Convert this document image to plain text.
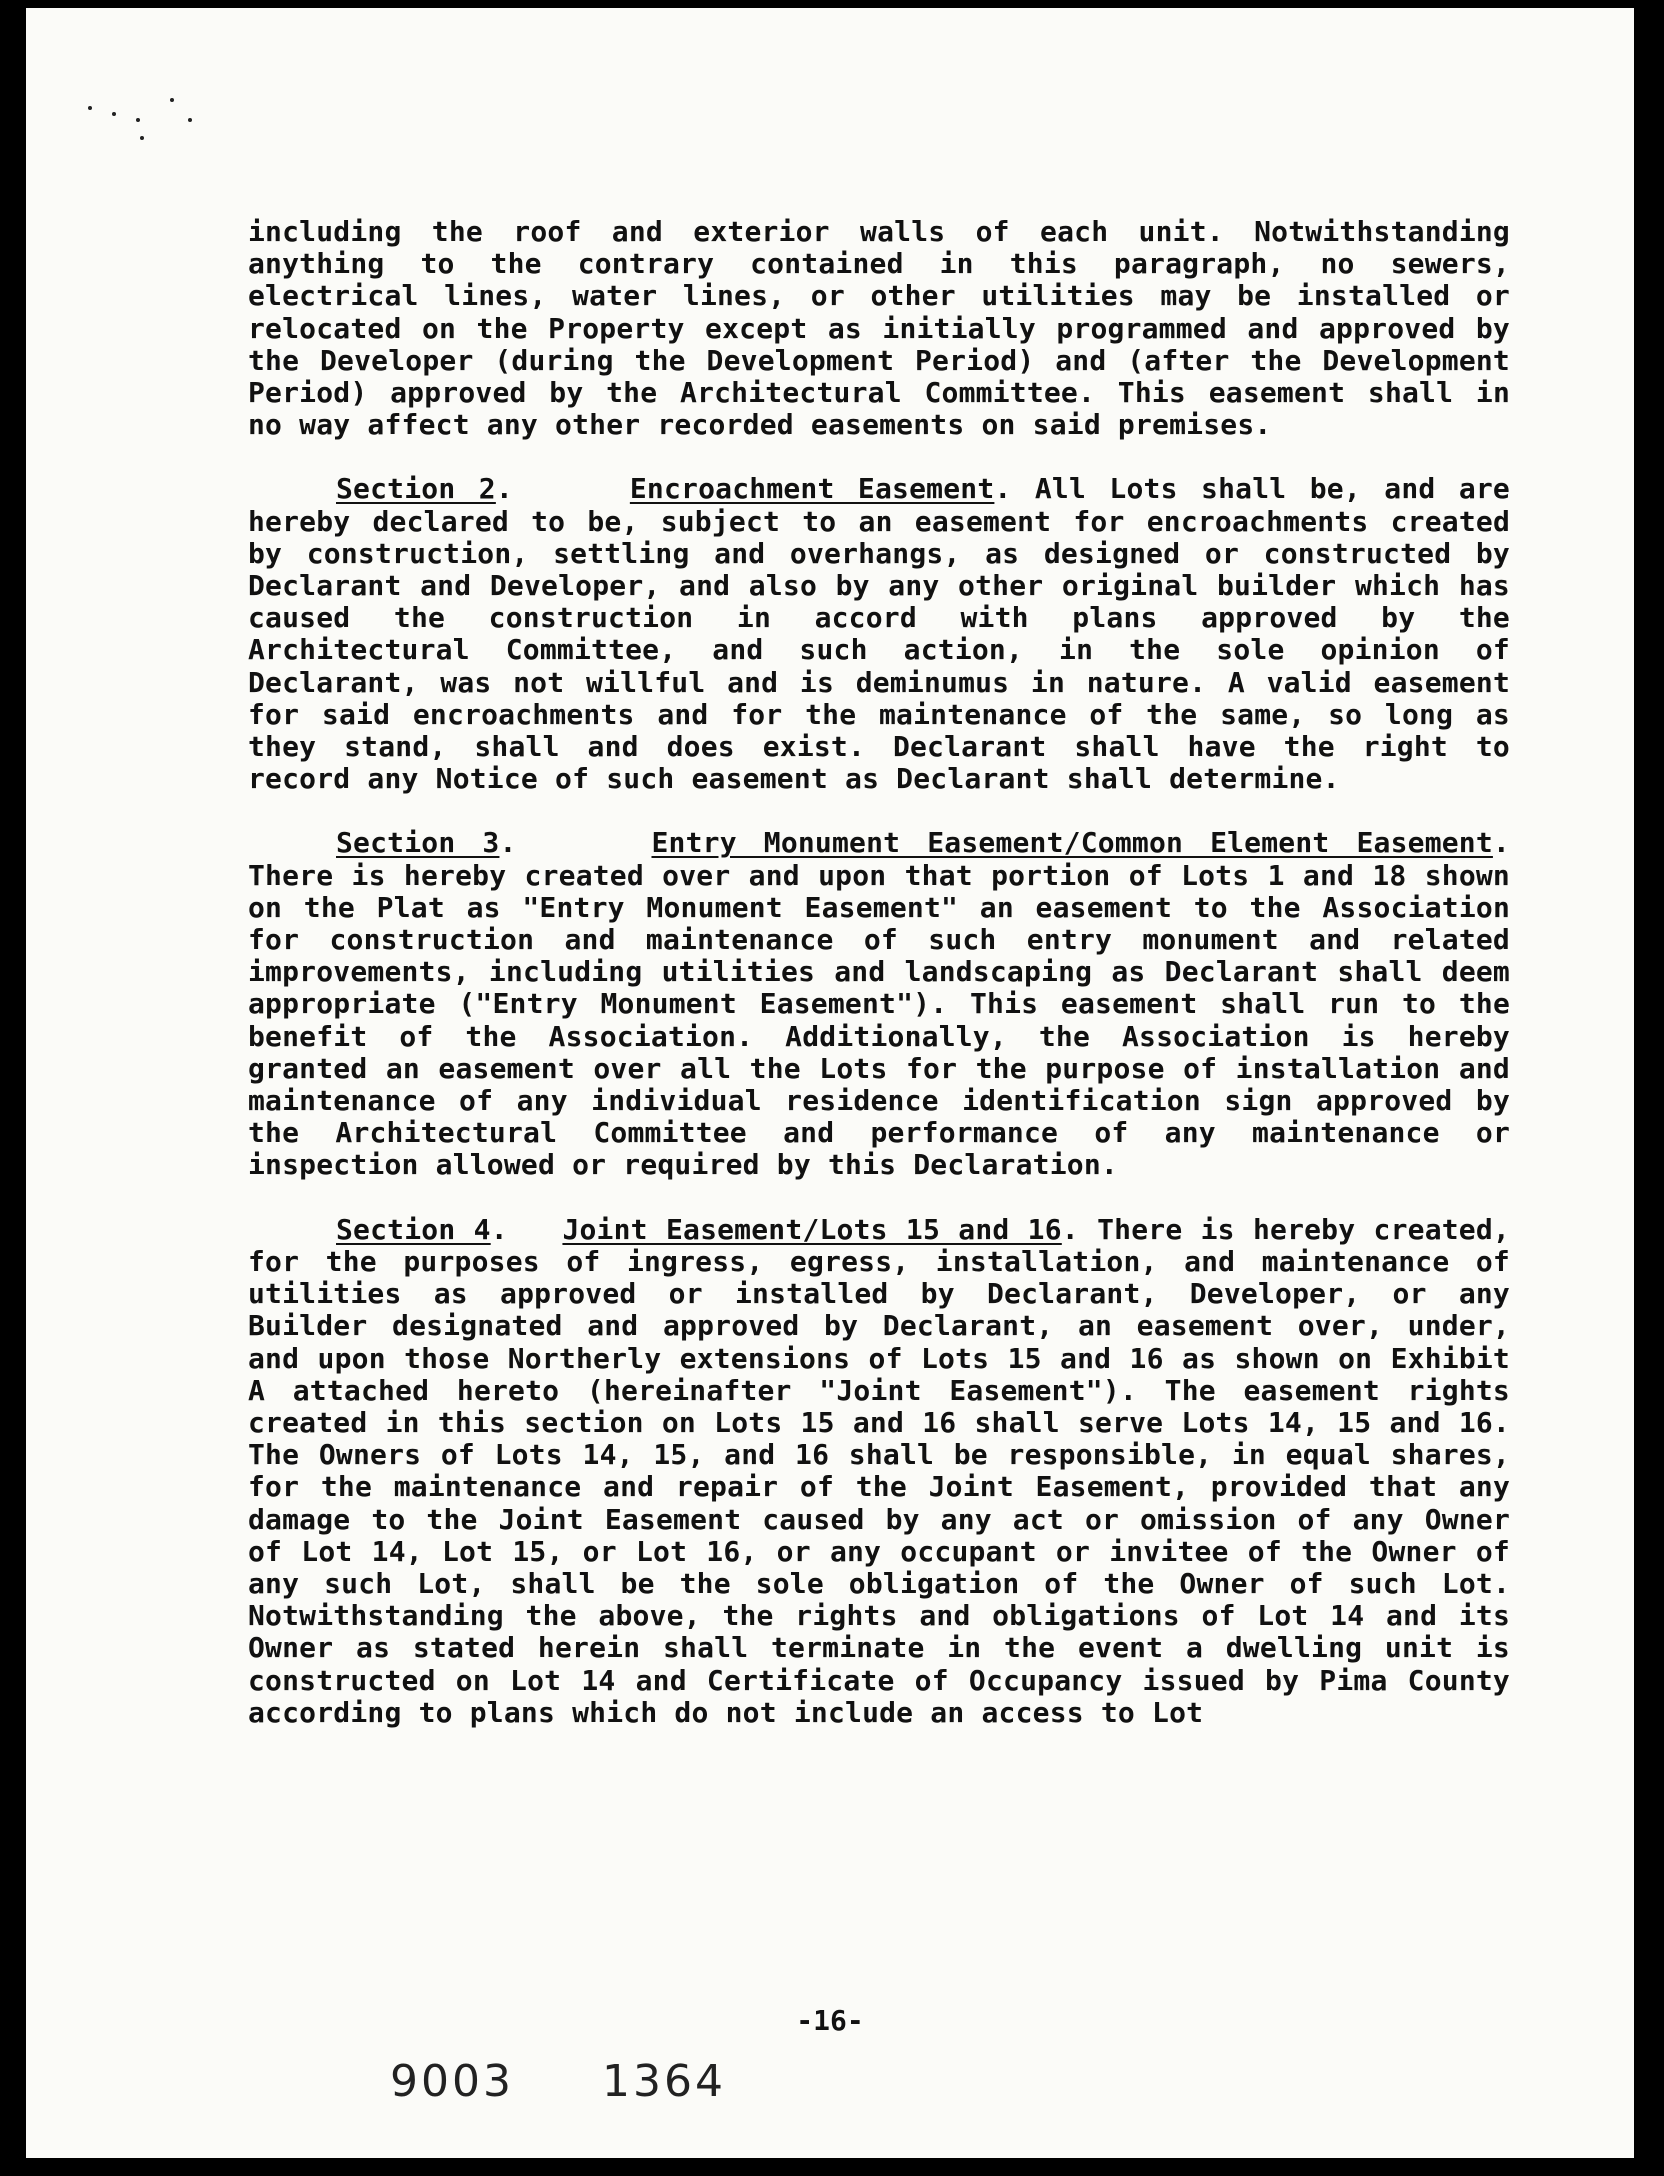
including the roof and exterior walls of each unit. Notwithstanding anything to the contrary contained in this paragraph, no sewers, electrical lines, water lines, or other utilities may be installed or relocated on the Property except as initially programmed and approved by the Developer (during the Development Period) and (after the Development Period) approved by the Architectural Committee. This easement shall in no way affect any other recorded easements on said premises.

Section 2.     Encroachment Easement. All Lots shall be, and are hereby declared to be, subject to an easement for encroachments created by construction, settling and overhangs, as designed or constructed by Declarant and Developer, and also by any other original builder which has caused the construction in accord with plans approved by the Architectural Committee, and such action, in the sole opinion of Declarant, was not willful and is deminumus in nature. A valid easement for said encroachments and for the maintenance of the same, so long as they stand, shall and does exist. Declarant shall have the right to record any Notice of such easement as Declarant shall determine.

Section 3.     Entry Monument Easement/Common Element Easement. There is hereby created over and upon that portion of Lots 1 and 18 shown on the Plat as "Entry Monument Easement" an easement to the Association for construction and maintenance of such entry monument and related improvements, including utilities and landscaping as Declarant shall deem appropriate ("Entry Monument Easement"). This easement shall run to the benefit of the Association. Additionally, the Association is hereby granted an easement over all the Lots for the purpose of installation and maintenance of any individual residence identification sign approved by the Architectural Committee and performance of any maintenance or inspection allowed or required by this Declaration.

Section 4.   Joint Easement/Lots 15 and 16. There is hereby created, for the purposes of ingress, egress, installation, and maintenance of utilities as approved or installed by Declarant, Developer, or any Builder designated and approved by Declarant, an easement over, under, and upon those Northerly extensions of Lots 15 and 16 as shown on Exhibit A attached hereto (hereinafter "Joint Easement"). The easement rights created in this section on Lots 15 and 16 shall serve Lots 14, 15 and 16. The Owners of Lots 14, 15, and 16 shall be responsible, in equal shares, for the maintenance and repair of the Joint Easement, provided that any damage to the Joint Easement caused by any act or omission of any Owner of Lot 14, Lot 15, or Lot 16, or any occupant or invitee of the Owner of any such Lot, shall be the sole obligation of the Owner of such Lot. Notwithstanding the above, the rights and obligations of Lot 14 and its Owner as stated herein shall terminate in the event a dwelling unit is constructed on Lot 14 and Certificate of Occupancy issued by Pima County according to plans which do not include an access to Lot

-16-
9003 1364
